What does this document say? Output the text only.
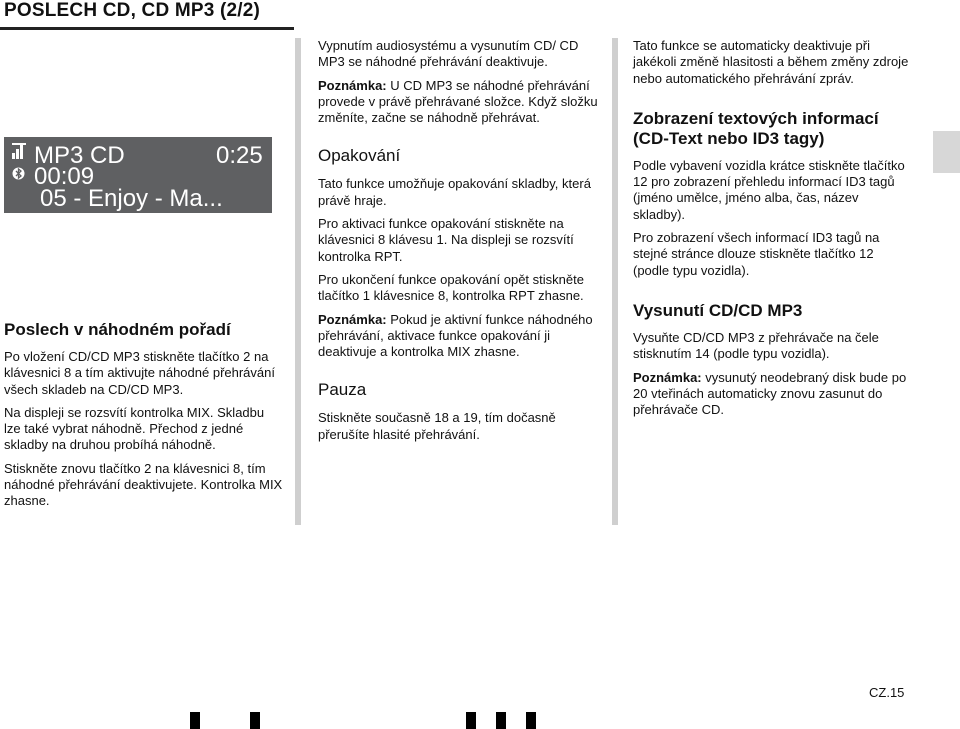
POSLECH CD, CD MP3 (2/2)
MP3 CD	0:25
00:09
05 - Enjoy - Ma...
Poslech v náhodném pořadí

Po vložení CD/CD MP3 stiskněte tlačítko 2 na klávesnici 8 a tím aktivujte náhodné přehrávání všech skladeb na CD/CD MP3.

Na displeji se rozsvítí kontrolka MIX. Skladbu lze také vybrat náhodně. Přechod z jedné skladby na druhou probíhá náhodně.

Stiskněte znovu tlačítko 2 na klávesnici 8, tím náhodné přehrávání deaktivujete. Kontrolka MIX zhasne.

Vypnutím audiosystému a vysunutím CD/ CD MP3 se náhodné přehrávání deaktivuje.

Poznámka: U CD MP3 se náhodné přehrávání provede v právě přehrávané složce. Když složku změníte, začne se náhodně přehrávat.

Opakování

Tato funkce umožňuje opakování skladby, která právě hraje.

Pro aktivaci funkce opakování stiskněte na klávesnici 8 klávesu 1. Na displeji se rozsvítí kontrolka RPT.

Pro ukončení funkce opakování opět stiskněte tlačítko 1 klávesnice 8, kontrolka RPT zhasne.

Poznámka: Pokud je aktivní funkce náhodného přehrávání, aktivace funkce opakování ji deaktivuje a kontrolka MIX zhasne.

Pauza

Stiskněte současně 18 a 19, tím dočasně přerušíte hlasité přehrávání.

Tato funkce se automaticky deaktivuje při jakékoli změně hlasitosti a během změny zdroje nebo automatického přehrávání zpráv.

Zobrazení textových informací (CD-Text nebo ID3 tagy)

Podle vybavení vozidla krátce stiskněte tlačítko 12 pro zobrazení přehledu informací ID3 tagů (jméno umělce, jméno alba, čas, název skladby).

Pro zobrazení všech informací ID3 tagů na stejné stránce dlouze stiskněte tlačítko 12 (podle typu vozidla).

Vysunutí CD/CD MP3

Vysuňte CD/CD MP3 z přehrávače na čele stisknutím 14 (podle typu vozidla).

Poznámka: vysunutý neodebraný disk bude po 20 vteřinách automaticky znovu zasunut do přehrávače CD.

CZ.15
